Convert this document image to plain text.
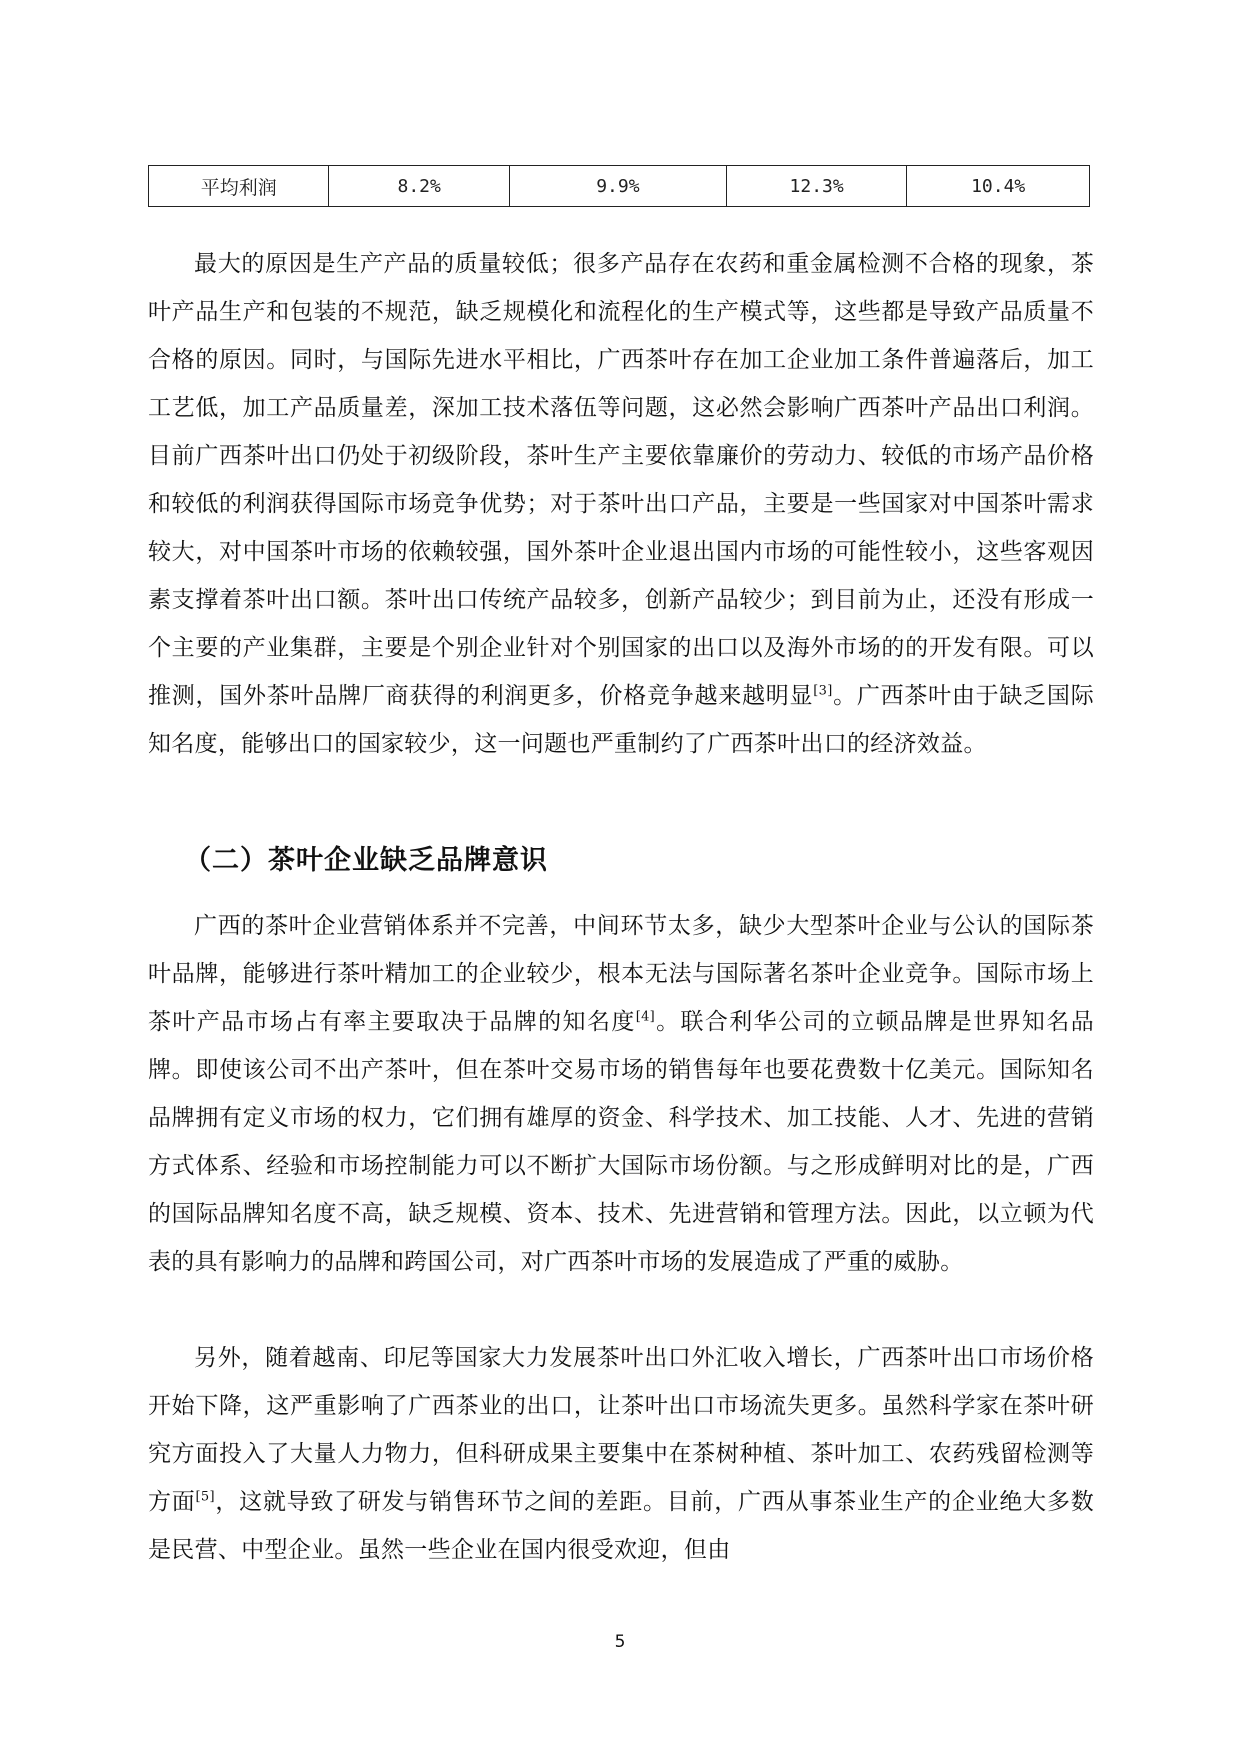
平均利润	8.2%	9.9%	12.3%	10.4%

最大的原因是生产产品的质量较低；很多产品存在农药和重金属检测不合格的现象，茶叶产品生产和包装的不规范，缺乏规模化和流程化的生产模式等，这些都是导致产品质量不合格的原因。同时，与国际先进水平相比，广西茶叶存在加工企业加工条件普遍落后，加工工艺低，加工产品质量差，深加工技术落伍等问题，这必然会影响广西茶叶产品出口利润。目前广西茶叶出口仍处于初级阶段，茶叶生产主要依靠廉价的劳动力、较低的市场产品价格和较低的利润获得国际市场竞争优势；对于茶叶出口产品，主要是一些国家对中国茶叶需求较大，对中国茶叶市场的依赖较强，国外茶叶企业退出国内市场的可能性较小，这些客观因素支撑着茶叶出口额。茶叶出口传统产品较多，创新产品较少；到目前为止，还没有形成一个主要的产业集群，主要是个别企业针对个别国家的出口以及海外市场的的开发有限。可以推测，国外茶叶品牌厂商获得的利润更多，价格竞争越来越明显[3]。广西茶叶由于缺乏国际知名度，能够出口的国家较少，这一问题也严重制约了广西茶叶出口的经济效益。

（二）茶叶企业缺乏品牌意识

广西的茶叶企业营销体系并不完善，中间环节太多，缺少大型茶叶企业与公认的国际茶叶品牌，能够进行茶叶精加工的企业较少，根本无法与国际著名茶叶企业竞争。国际市场上茶叶产品市场占有率主要取决于品牌的知名度[4]。联合利华公司的立顿品牌是世界知名品牌。即使该公司不出产茶叶，但在茶叶交易市场的销售每年也要花费数十亿美元。国际知名品牌拥有定义市场的权力，它们拥有雄厚的资金、科学技术、加工技能、人才、先进的营销方式体系、经验和市场控制能力可以不断扩大国际市场份额。与之形成鲜明对比的是，广西的国际品牌知名度不高，缺乏规模、资本、技术、先进营销和管理方法。因此，以立顿为代表的具有影响力的品牌和跨国公司，对广西茶叶市场的发展造成了严重的威胁。

另外，随着越南、印尼等国家大力发展茶叶出口外汇收入增长，广西茶叶出口市场价格开始下降，这严重影响了广西茶业的出口，让茶叶出口市场流失更多。虽然科学家在茶叶研究方面投入了大量人力物力，但科研成果主要集中在茶树种植、茶叶加工、农药残留检测等方面[5]，这就导致了研发与销售环节之间的差距。目前，广西从事茶业生产的企业绝大多数是民营、中型企业。虽然一些企业在国内很受欢迎，但由

5
